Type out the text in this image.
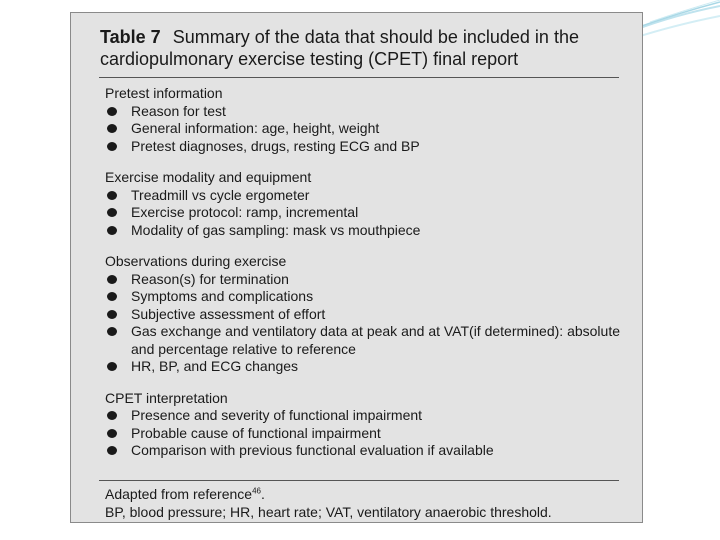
Table 7 Summary of the data that should be included in the cardiopulmonary exercise testing (CPET) final report
Pretest information
Reason for test
General information: age, height, weight
Pretest diagnoses, drugs, resting ECG and BP
Exercise modality and equipment
Treadmill vs cycle ergometer
Exercise protocol: ramp, incremental
Modality of gas sampling: mask vs mouthpiece
Observations during exercise
Reason(s) for termination
Symptoms and complications
Subjective assessment of effort
Gas exchange and ventilatory data at peak and at VAT(if determined): absolute and percentage relative to reference
HR, BP, and ECG changes
CPET interpretation
Presence and severity of functional impairment
Probable cause of functional impairment
Comparison with previous functional evaluation if available
Adapted from reference$^{46}$.
BP, blood pressure; HR, heart rate; VAT, ventilatory anaerobic threshold.
